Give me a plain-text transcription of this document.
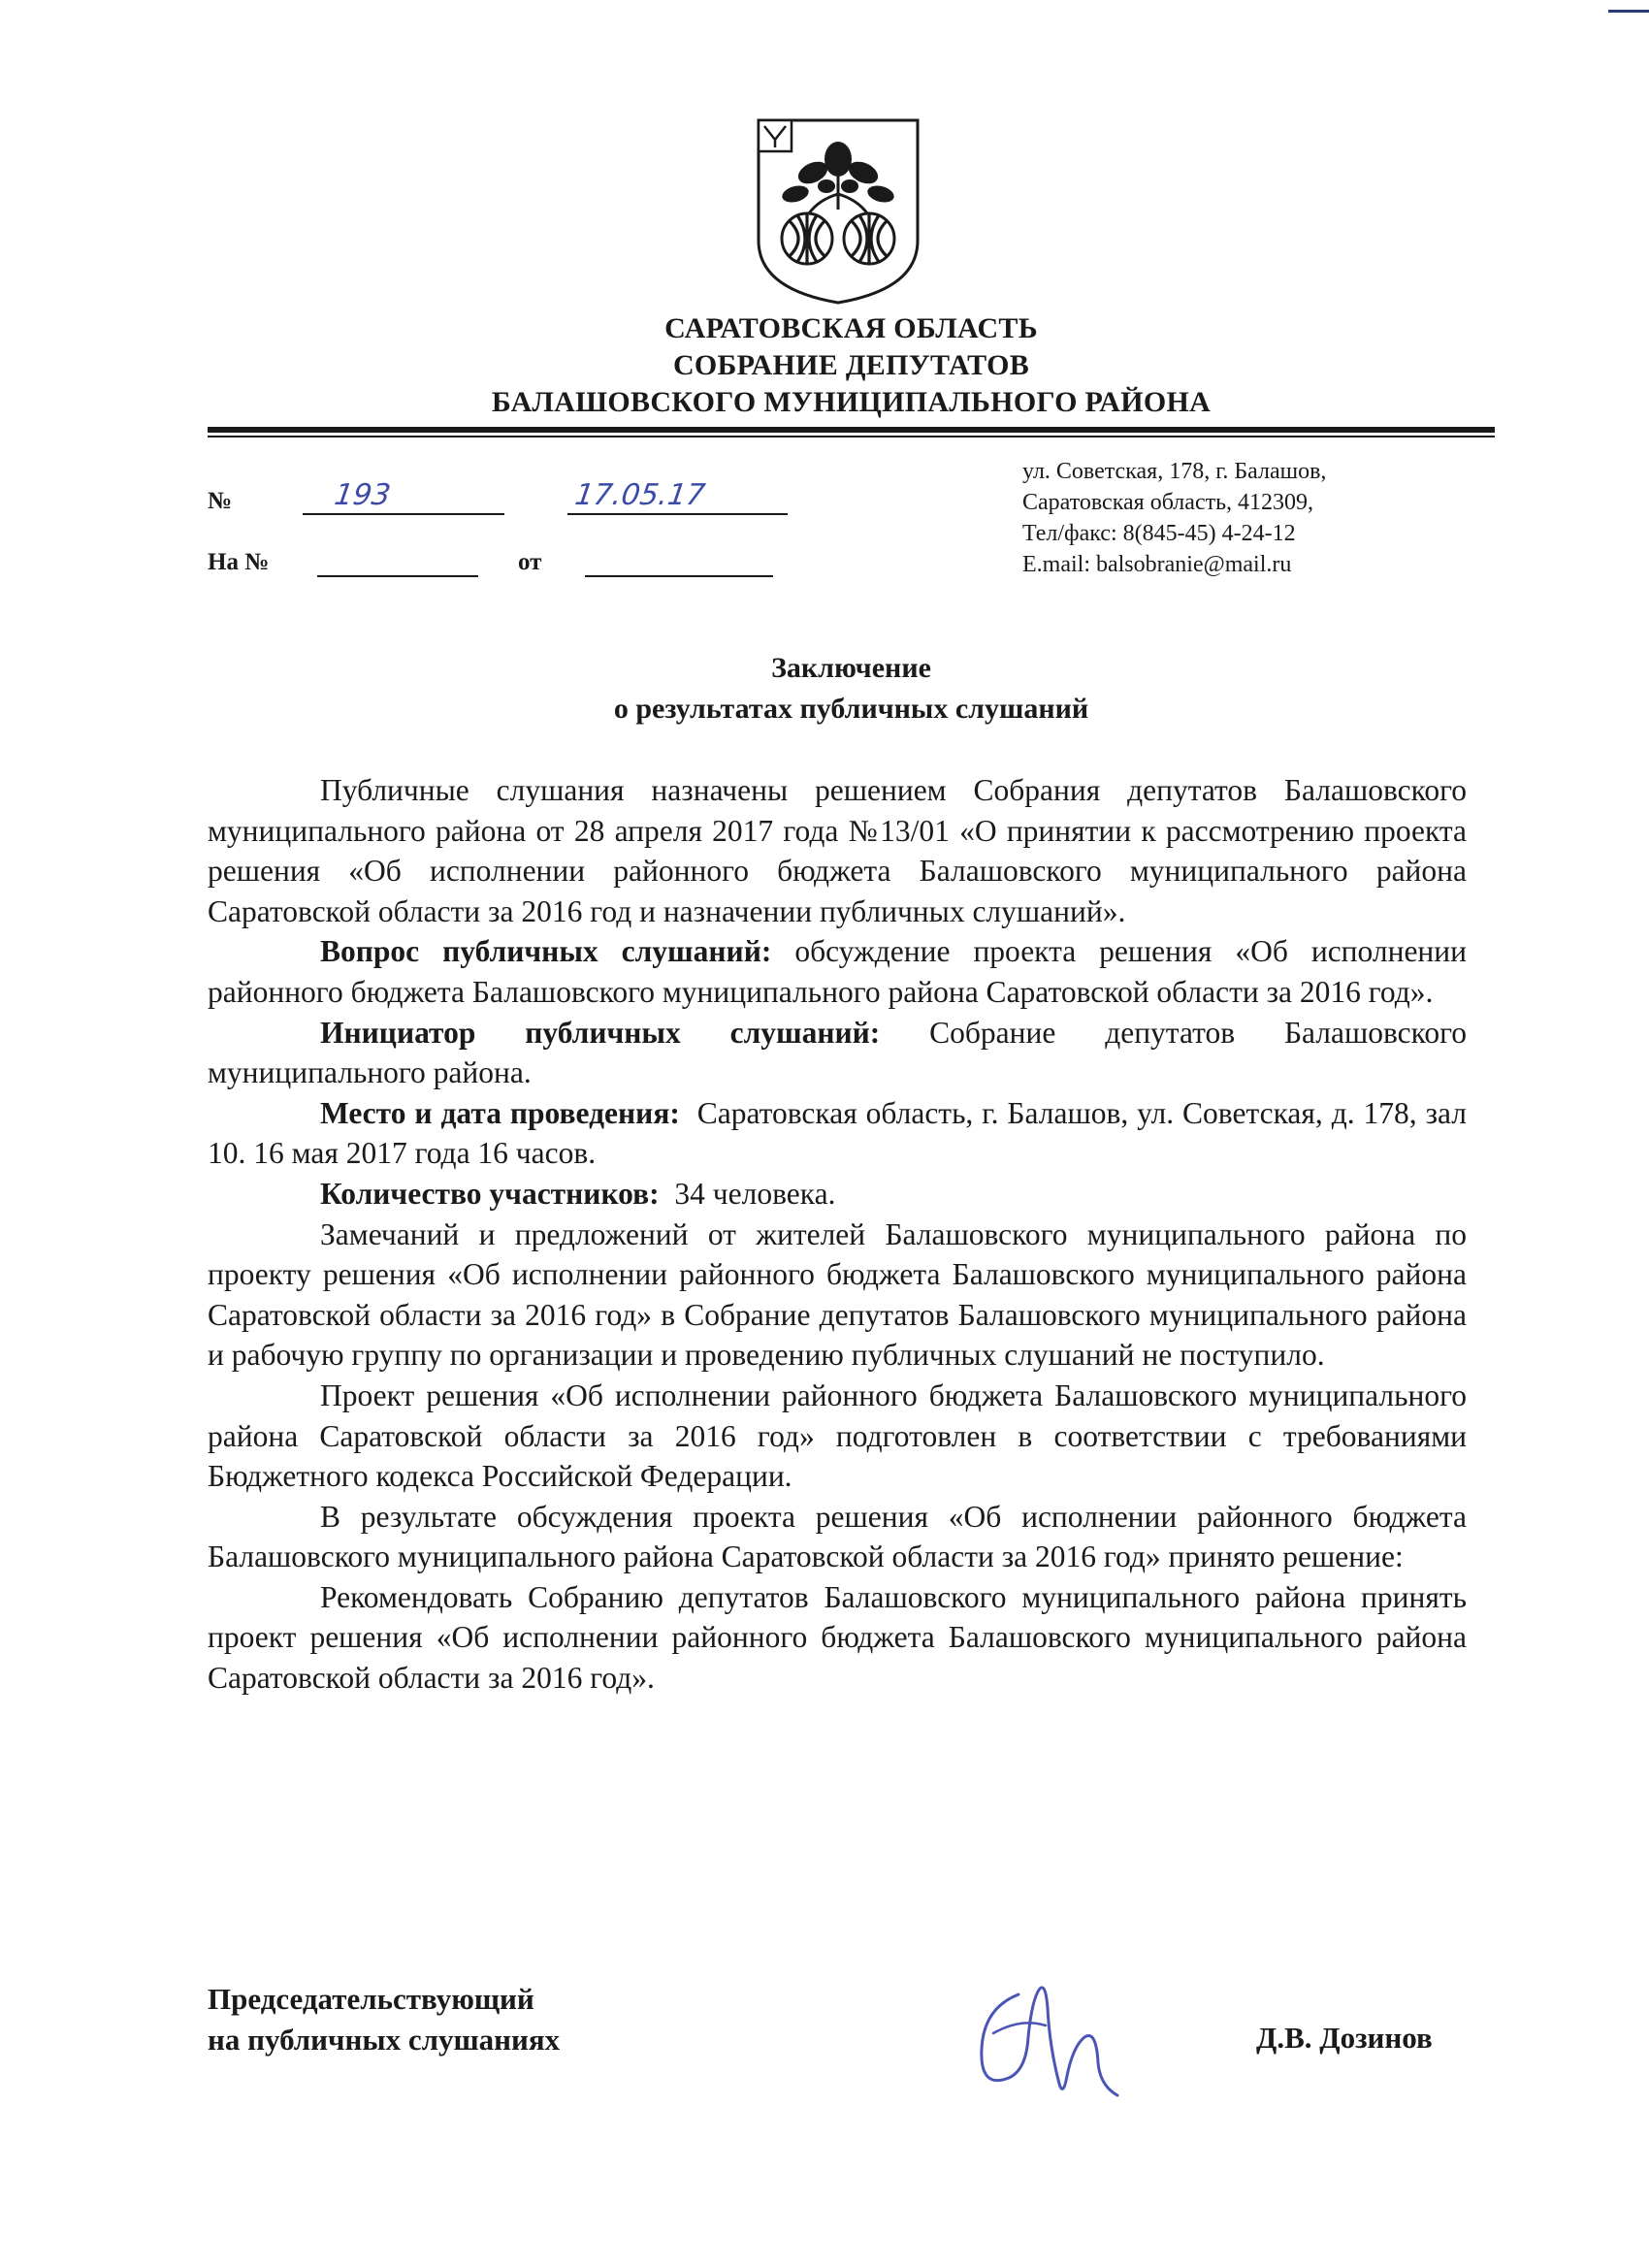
САРАТОВСКАЯ ОБЛАСТЬ
СОБРАНИЕ ДЕПУТАТОВ
БАЛАШОВСКОГО МУНИЦИПАЛЬНОГО РАЙОНА
№	193	17.05.17
На №	от
ул. Советская, 178, г. Балашов,
Саратовская область, 412309,
Тел/факс: 8(845-45) 4-24-12
E.mail: balsobranie@mail.ru
Заключение
о результатах публичных слушаний

Публичные слушания назначены решением Собрания депутатов Балашовского муниципального района от 28 апреля 2017 года №13/01 «О принятии к рассмотрению проекта решения «Об исполнении районного бюджета Балашовского муниципального района Саратовской области за 2016 год и назначении публичных слушаний».

Вопрос публичных слушаний: обсуждение проекта решения «Об исполнении районного бюджета Балашовского муниципального района Саратовской области за 2016 год».

Инициатор публичных слушаний: Собрание депутатов Балашовского муниципального района.

Место и дата проведения:  Саратовская область, г. Балашов, ул. Советская, д. 178, зал 10. 16 мая 2017 года 16 часов.

Количество участников:  34 человека.

Замечаний и предложений от жителей Балашовского муниципального района по проекту решения «Об исполнении районного бюджета Балашовского муниципального района Саратовской области за 2016 год» в Собрание депутатов Балашовского муниципального района и рабочую группу по организации и проведению публичных слушаний не поступило.

Проект решения «Об исполнении районного бюджета Балашовского муниципального района Саратовской области за 2016 год» подготовлен в соответствии с требованиями Бюджетного кодекса Российской Федерации.

В результате обсуждения проекта решения «Об исполнении районного бюджета Балашовского муниципального района Саратовской области за 2016 год» принято решение:

Рекомендовать Собранию депутатов Балашовского муниципального района принять проект решения «Об исполнении районного бюджета Балашовского муниципального района Саратовской области за 2016 год».

Председательствующий
на публичных слушаниях	Д.В. Дозинов
